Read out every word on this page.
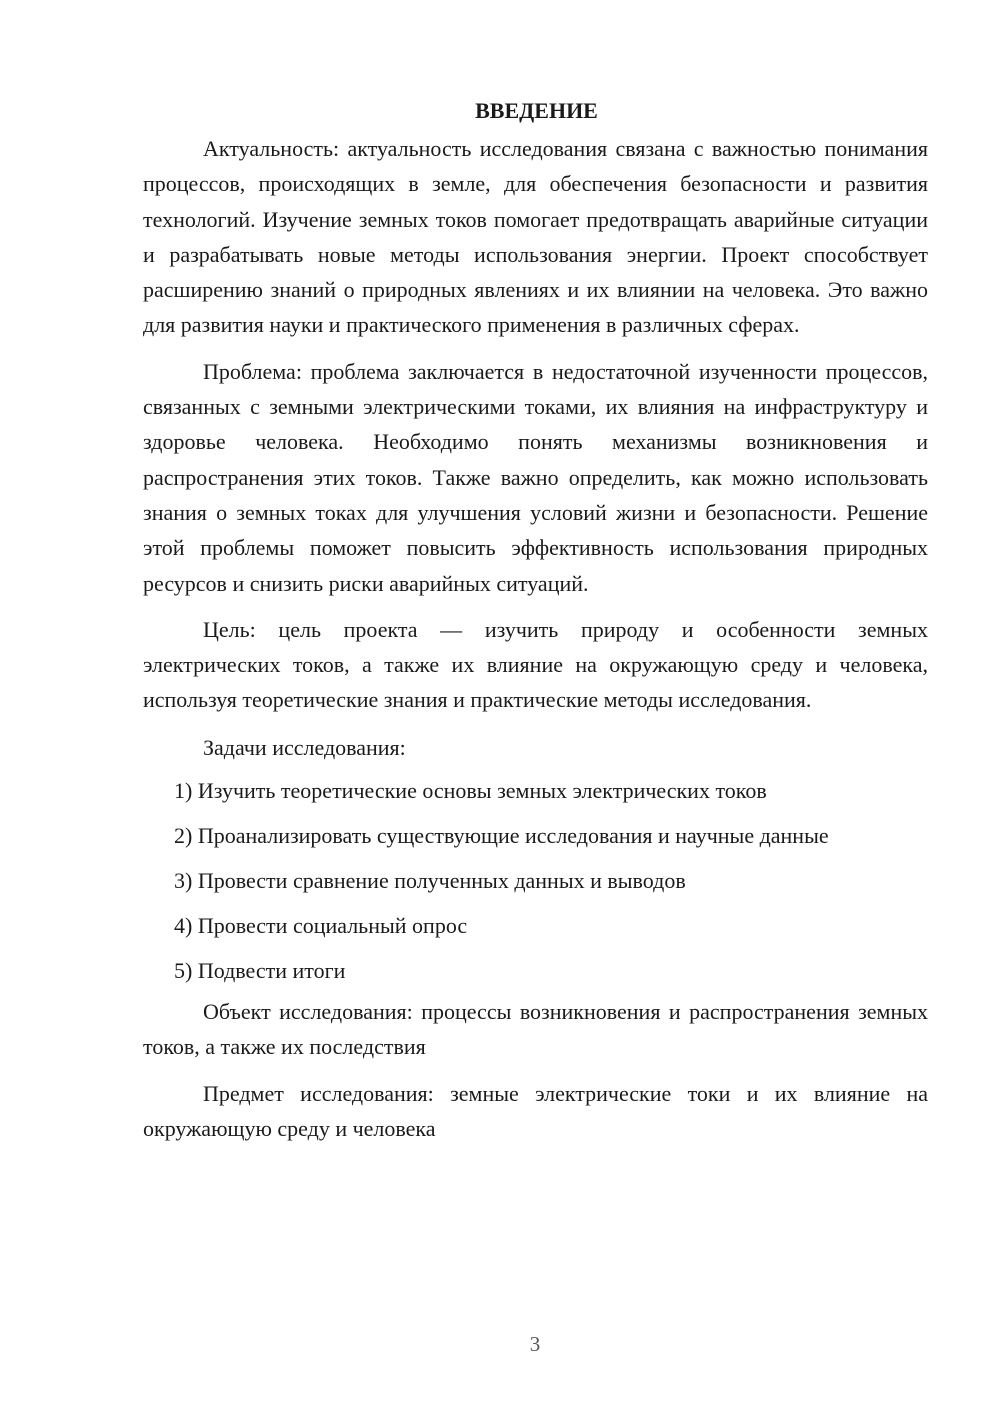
ВВЕДЕНИЕ

Актуальность: актуальность исследования связана с важностью понимания процессов, происходящих в земле, для обеспечения безопасности и развития технологий. Изучение земных токов помогает предотвращать аварийные ситуации и разрабатывать новые методы использования энергии. Проект способствует расширению знаний о природных явлениях и их влиянии на человека. Это важно для развития науки и практического применения в различных сферах.

Проблема: проблема заключается в недостаточной изученности процессов, связанных с земными электрическими токами, их влияния на инфраструктуру и здоровье человека. Необходимо понять механизмы возникновения и распространения этих токов. Также важно определить, как можно использовать знания о земных токах для улучшения условий жизни и безопасности. Решение этой проблемы поможет повысить эффективность использования природных ресурсов и снизить риски аварийных ситуаций.

Цель: цель проекта — изучить природу и особенности земных электрических токов, а также их влияние на окружающую среду и человека, используя теоретические знания и практические методы исследования.

Задачи исследования:

1) Изучить теоретические основы земных электрических токов
2) Проанализировать существующие исследования и научные данные
3) Провести сравнение полученных данных и выводов
4) Провести социальный опрос
5) Подвести итоги

Объект исследования: процессы возникновения и распространения земных токов, а также их последствия

Предмет исследования: земные электрические токи и их влияние на окружающую среду и человека

3
